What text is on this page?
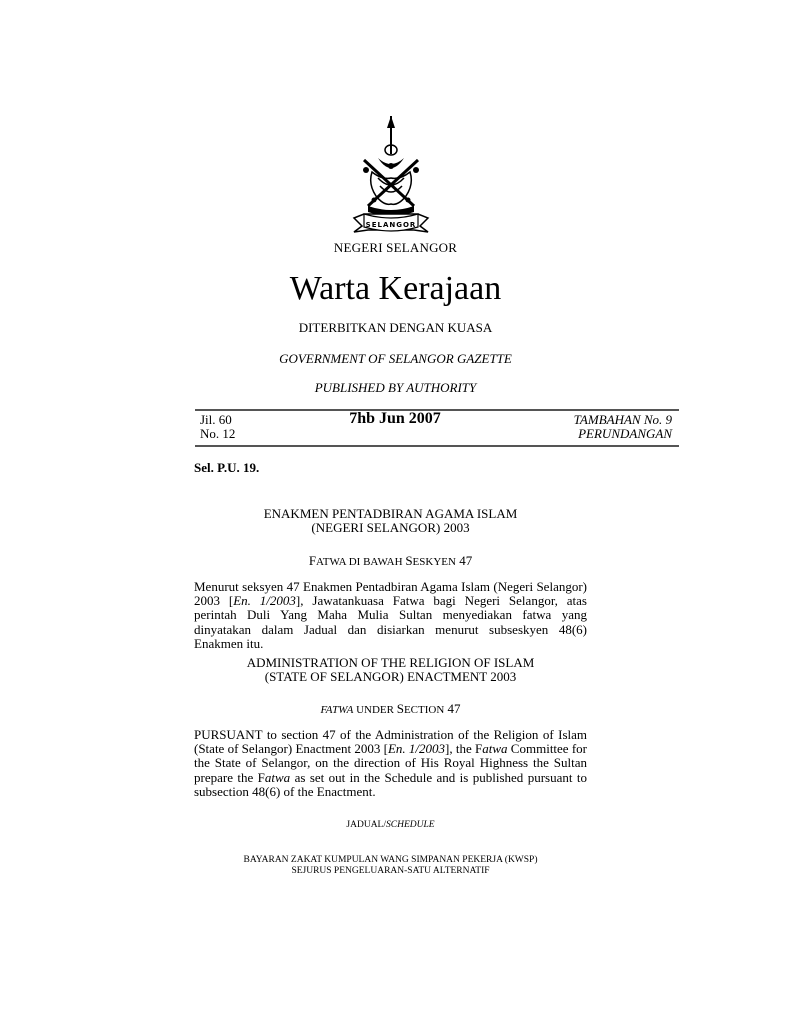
SELANGOR
NEGERI SELANGOR
Warta Kerajaan
DITERBITKAN DENGAN KUASA
GOVERNMENT OF SELANGOR GAZETTE
PUBLISHED BY AUTHORITY
Jil. 60
No. 12
7hb Jun 2007	TAMBAHAN No. 9
PERUNDANGAN
Sel. P.U. 19.
ENAKMEN PENTADBIRAN AGAMA ISLAM
(NEGERI SELANGOR) 2003
FATWA DI BAWAH SESKYEN 47
Menurut seksyen 47 Enakmen Pentadbiran Agama Islam (Negeri Selangor) 2003 [En. 1/2003], Jawatankuasa Fatwa bagi Negeri Selangor, atas perintah Duli Yang Maha Mulia Sultan menyediakan fatwa yang dinyatakan dalam Jadual dan disiarkan menurut subseskyen 48(6) Enakmen itu.
ADMINISTRATION OF THE RELIGION OF ISLAM
(STATE OF SELANGOR) ENACTMENT 2003
FATWA UNDER SECTION 47
PURSUANT to section 47 of the Administration of the Religion of Islam (State of Selangor) Enactment 2003 [En. 1/2003], the Fatwa Committee for the State of Selangor, on the direction of His Royal Highness the Sultan prepare the Fatwa as set out in the Schedule and is published pursuant to subsection 48(6) of the Enactment.
JADUAL/SCHEDULE
BAYARAN ZAKAT KUMPULAN WANG SIMPANAN PEKERJA (KWSP)
SEJURUS PENGELUARAN-SATU ALTERNATIF
